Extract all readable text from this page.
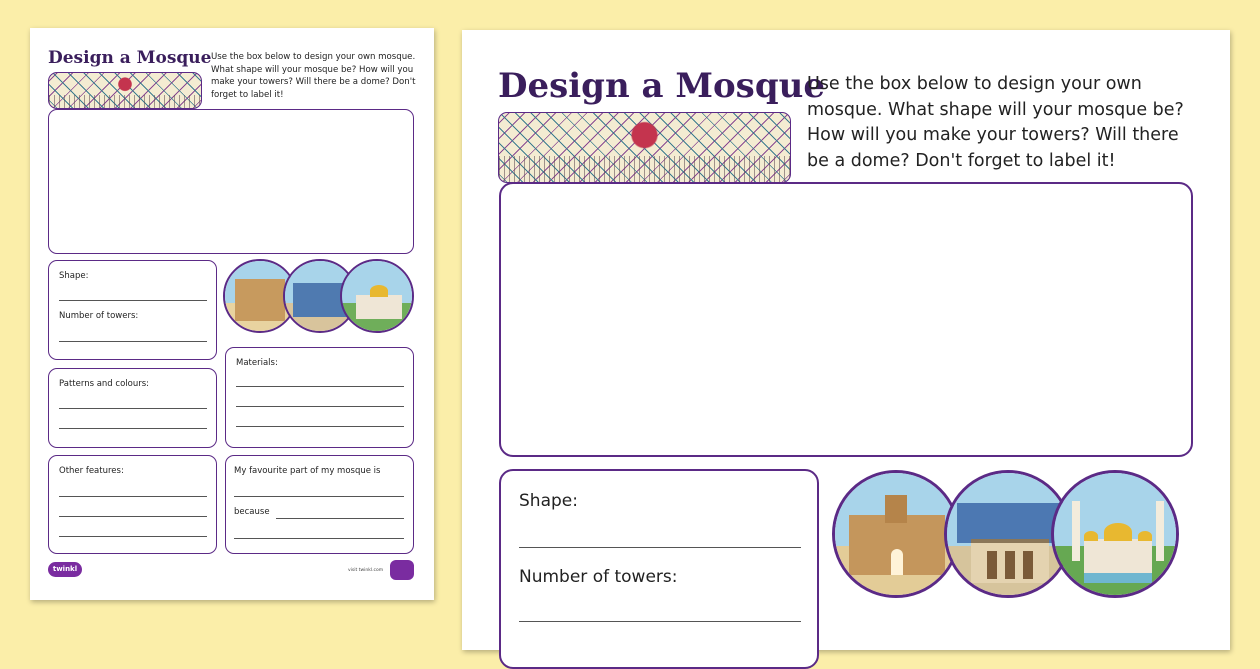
Design a Mosque Use the box below to design your own mosque. What shape will your mosque be? How will you make your towers? Will there be a dome? Don't forget to label it!

Shape:

Number of towers:

Patterns and colours:

Materials:

Other features:	My favourite part of my mosque is

because

twinkl	visit twinkl.com
Design a Mosque

Use the box below to design your own mosque. What shape will your mosque be? How will you make your towers? Will there be a dome? Don't forget to label it!

Shape:

Number of towers:
